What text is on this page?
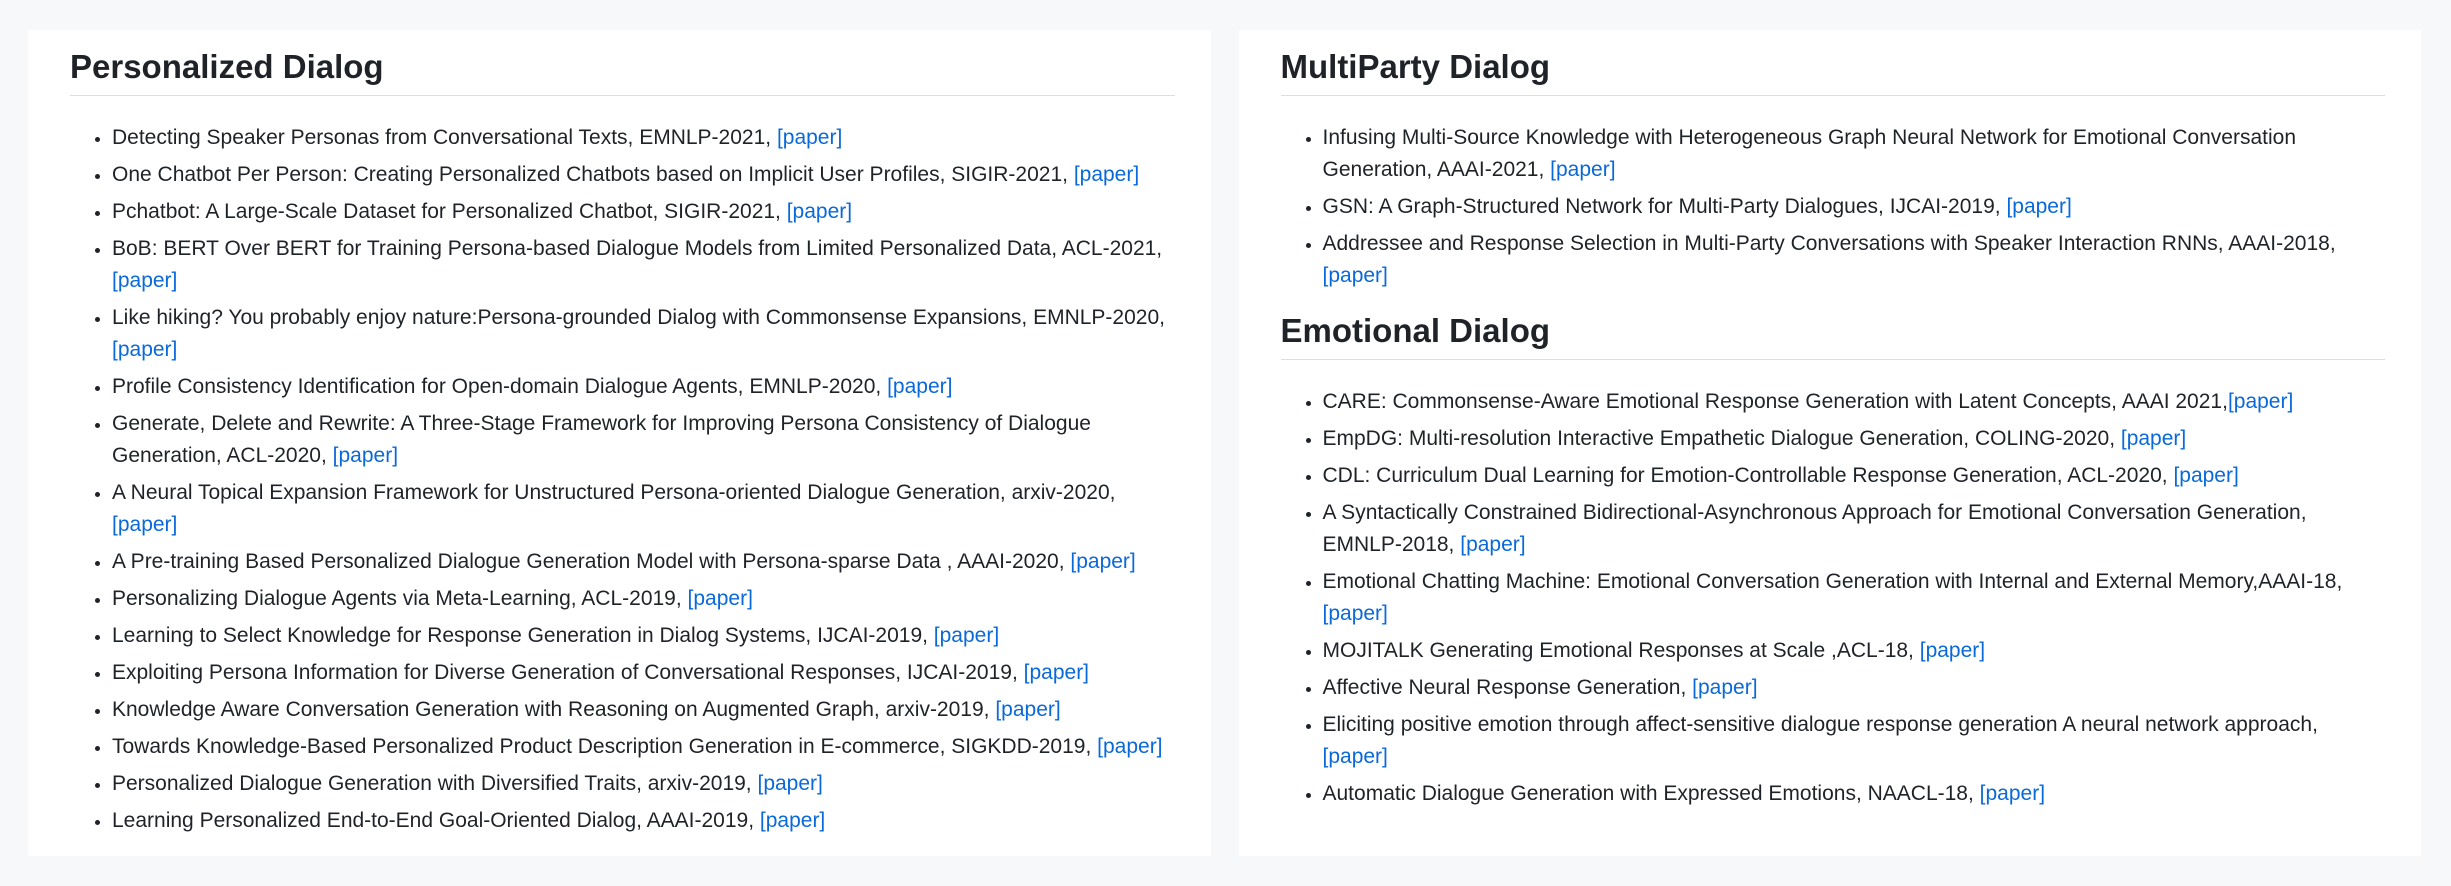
Personalized Dialog
• Detecting Speaker Personas from Conversational Texts, EMNLP-2021, [paper]
• One Chatbot Per Person: Creating Personalized Chatbots based on Implicit User Profiles, SIGIR-2021, [paper]
• Pchatbot: A Large-Scale Dataset for Personalized Chatbot, SIGIR-2021, [paper]
• BoB: BERT Over BERT for Training Persona-based Dialogue Models from Limited Personalized Data, ACL-2021, [paper]
• Like hiking? You probably enjoy nature:Persona-grounded Dialog with Commonsense Expansions, EMNLP-2020, [paper]
• Profile Consistency Identification for Open-domain Dialogue Agents, EMNLP-2020, [paper]
• Generate, Delete and Rewrite: A Three-Stage Framework for Improving Persona Consistency of Dialogue Generation, ACL-2020, [paper]
• A Neural Topical Expansion Framework for Unstructured Persona-oriented Dialogue Generation, arxiv-2020, [paper]
• A Pre-training Based Personalized Dialogue Generation Model with Persona-sparse Data , AAAI-2020, [paper]
• Personalizing Dialogue Agents via Meta-Learning, ACL-2019, [paper]
• Learning to Select Knowledge for Response Generation in Dialog Systems, IJCAI-2019, [paper]
• Exploiting Persona Information for Diverse Generation of Conversational Responses, IJCAI-2019, [paper]
• Knowledge Aware Conversation Generation with Reasoning on Augmented Graph, arxiv-2019, [paper]
• Towards Knowledge-Based Personalized Product Description Generation in E-commerce, SIGKDD-2019, [paper]
• Personalized Dialogue Generation with Diversified Traits, arxiv-2019, [paper]
• Learning Personalized End-to-End Goal-Oriented Dialog, AAAI-2019, [paper]
MultiParty Dialog
• Infusing Multi-Source Knowledge with Heterogeneous Graph Neural Network for Emotional Conversation Generation, AAAI-2021, [paper]
• GSN: A Graph-Structured Network for Multi-Party Dialogues, IJCAI-2019, [paper]
• Addressee and Response Selection in Multi-Party Conversations with Speaker Interaction RNNs, AAAI-2018, [paper]
Emotional Dialog
• CARE: Commonsense-Aware Emotional Response Generation with Latent Concepts, AAAI 2021,[paper]
• EmpDG: Multi-resolution Interactive Empathetic Dialogue Generation, COLING-2020, [paper]
• CDL: Curriculum Dual Learning for Emotion-Controllable Response Generation, ACL-2020, [paper]
• A Syntactically Constrained Bidirectional-Asynchronous Approach for Emotional Conversation Generation, EMNLP-2018, [paper]
• Emotional Chatting Machine: Emotional Conversation Generation with Internal and External Memory,AAAI-18, [paper]
• MOJITALK Generating Emotional Responses at Scale ,ACL-18, [paper]
• Affective Neural Response Generation, [paper]
• Eliciting positive emotion through affect-sensitive dialogue response generation A neural network approach, [paper]
• Automatic Dialogue Generation with Expressed Emotions, NAACL-18, [paper]
